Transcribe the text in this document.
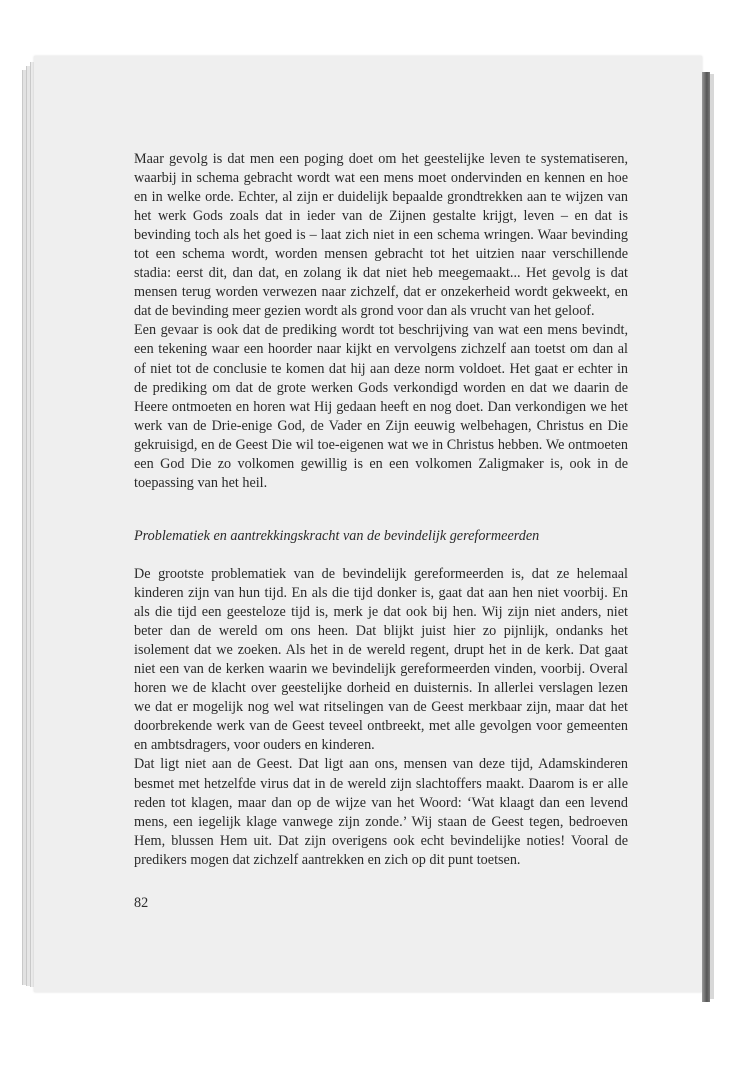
Maar gevolg is dat men een poging doet om het geestelijke leven te systematiseren, waarbij in schema gebracht wordt wat een mens moet ondervinden en kennen en hoe en in welke orde. Echter, al zijn er duidelijk bepaalde grondtrekken aan te wijzen van het werk Gods zoals dat in ieder van de Zijnen gestalte krijgt, leven – en dat is bevinding toch als het goed is – laat zich niet in een schema wringen. Waar bevinding tot een schema wordt, worden mensen gebracht tot het uitzien naar verschillende stadia: eerst dit, dan dat, en zolang ik dat niet heb meegemaakt... Het gevolg is dat mensen terug worden verwezen naar zichzelf, dat er onzekerheid wordt gekweekt, en dat de bevinding meer gezien wordt als grond voor dan als vrucht van het geloof.

Een gevaar is ook dat de prediking wordt tot beschrijving van wat een mens bevindt, een tekening waar een hoorder naar kijkt en vervolgens zichzelf aan toetst om dan al of niet tot de conclusie te komen dat hij aan deze norm voldoet. Het gaat er echter in de prediking om dat de grote werken Gods verkondigd worden en dat we daarin de Heere ontmoeten en horen wat Hij gedaan heeft en nog doet. Dan verkondigen we het werk van de Drie-enige God, de Vader en Zijn eeuwig welbehagen, Christus en Die gekruisigd, en de Geest Die wil toe-eigenen wat we in Christus hebben. We ontmoeten een God Die zo volkomen gewillig is en een volkomen Zaligmaker is, ook in de toepassing van het heil.

Problematiek en aantrekkingskracht van de bevindelijk gereformeerden

De grootste problematiek van de bevindelijk gereformeerden is, dat ze helemaal kinderen zijn van hun tijd. En als die tijd donker is, gaat dat aan hen niet voorbij. En als die tijd een geesteloze tijd is, merk je dat ook bij hen. Wij zijn niet anders, niet beter dan de wereld om ons heen. Dat blijkt juist hier zo pijnlijk, ondanks het isolement dat we zoeken. Als het in de wereld regent, drupt het in de kerk. Dat gaat niet een van de kerken waarin we bevindelijk gereformeerden vinden, voorbij. Overal horen we de klacht over geestelijke dorheid en duisternis. In allerlei verslagen lezen we dat er mogelijk nog wel wat ritselingen van de Geest merkbaar zijn, maar dat het doorbrekende werk van de Geest teveel ontbreekt, met alle gevolgen voor gemeenten en ambtsdragers, voor ouders en kinderen.

Dat ligt niet aan de Geest. Dat ligt aan ons, mensen van deze tijd, Adamskinderen besmet met hetzelfde virus dat in de wereld zijn slachtoffers maakt. Daarom is er alle reden tot klagen, maar dan op de wijze van het Woord: ‘Wat klaagt dan een levend mens, een iegelijk klage vanwege zijn zonde.’ Wij staan de Geest tegen, bedroeven Hem, blussen Hem uit. Dat zijn overigens ook echt bevindelijke noties! Vooral de predikers mogen dat zichzelf aantrekken en zich op dit punt toetsen.

82
